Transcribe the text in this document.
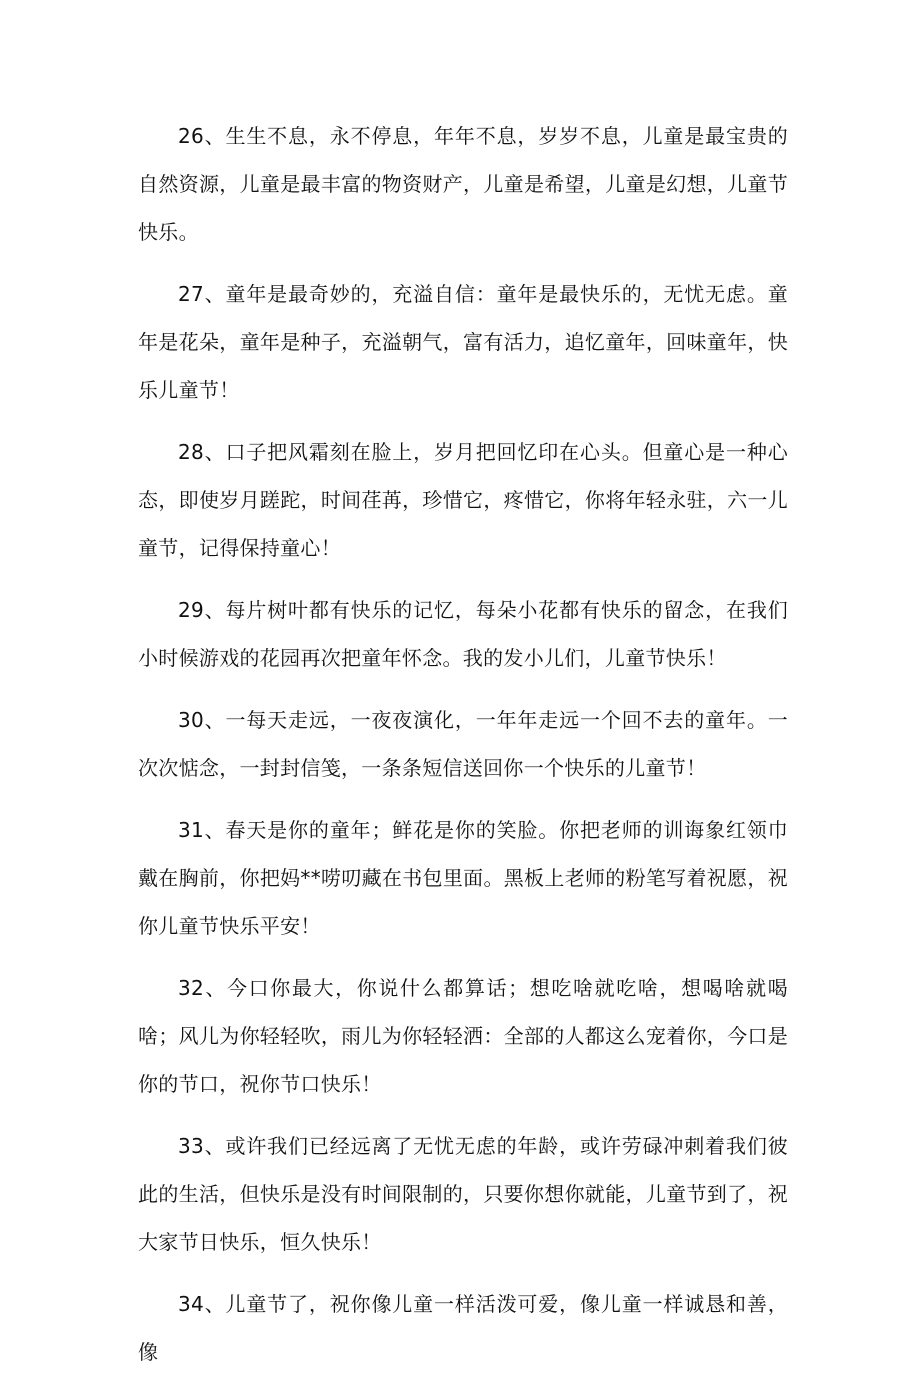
26、生生不息，永不停息，年年不息，岁岁不息，儿童是最宝贵的自然资源，儿童是最丰富的物资财产，儿童是希望，儿童是幻想，儿童节快乐。

27、童年是最奇妙的，充溢自信：童年是最快乐的，无忧无虑。童年是花朵，童年是种子，充溢朝气，富有活力，追忆童年，回味童年，快乐儿童节！

28、口子把风霜刻在脸上，岁月把回忆印在心头。但童心是一种心态，即使岁月蹉跎，时间荏苒，珍惜它，疼惜它，你将年轻永驻，六一儿童节，记得保持童心！

29、每片树叶都有快乐的记忆，每朵小花都有快乐的留念，在我们小时候游戏的花园再次把童年怀念。我的发小儿们，儿童节快乐！

30、一每天走远，一夜夜演化，一年年走远一个回不去的童年。一次次惦念，一封封信笺，一条条短信送回你一个快乐的儿童节！

31、春天是你的童年；鲜花是你的笑脸。你把老师的训诲象红领巾戴在胸前，你把妈**唠叨藏在书包里面。黑板上老师的粉笔写着祝愿，祝你儿童节快乐平安！

32、今口你最大，你说什么都算话；想吃啥就吃啥，想喝啥就喝啥；风儿为你轻轻吹，雨儿为你轻轻洒：全部的人都这么宠着你，今口是你的节口，祝你节口快乐！

33、或许我们已经远离了无忧无虑的年龄，或许劳碌冲刺着我们彼此的生活，但快乐是没有时间限制的，只要你想你就能，儿童节到了，祝大家节日快乐，恒久快乐！

34、儿童节了，祝你像儿童一样活泼可爱，像儿童一样诚恳和善，像
